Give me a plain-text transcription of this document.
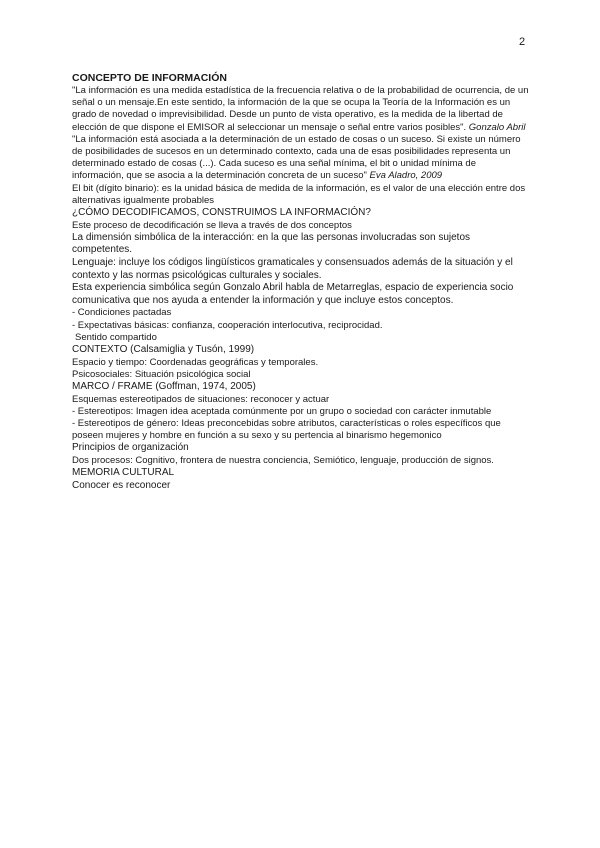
2

CONCEPTO DE INFORMACIÓN

"La información es una medida estadística de la frecuencia relativa o de la probabilidad de ocurrencia, de un señal o un mensaje.En este sentido, la información de la que se ocupa la Teoría de la Información es un grado de novedad o imprevisibilidad. Desde un punto de vista operativo, es la medida de la libertad de elección de que dispone el EMISOR al seleccionar un mensaje o señal entre varios posibles". Gonzalo Abril

"La información está asociada a la determinación de un estado de cosas o un suceso. Si existe un número de posibilidades de sucesos en un determinado contexto, cada una de esas posibilidades representa un determinado estado de cosas (...). Cada suceso es una señal mínima, el bit o unidad mínima de información, que se asocia a la determinación concreta de un suceso" Eva Aladro, 2009

El bit (dígito binario): es la unidad básica de medida de la información, es el valor de una elección entre dos alternativas igualmente probables

¿CÓMO DECODIFICAMOS, CONSTRUIMOS LA INFORMACIÓN?

Este proceso de decodificación se lleva a través de dos conceptos

La dimensión simbólica de la interacción: en la que las personas involucradas son sujetos competentes.

Lenguaje: incluye los códigos lingüísticos gramaticales y consensuados además de la situación y el contexto y las normas psicológicas culturales y sociales.

Esta experiencia simbólica según Gonzalo Abril habla de Metarreglas, espacio de experiencia socio comunicativa que nos ayuda a entender la información y que incluye estos conceptos.

- Condiciones pactadas

- Expectativas básicas: confianza, cooperación interlocutiva, reciprocidad.

Sentido compartido

CONTEXTO (Calsamiglia y Tusón, 1999)

Espacio y tiempo: Coordenadas geográficas y temporales.

Psicosociales: Situación psicológica social

MARCO / FRAME (Goffman, 1974, 2005)

Esquemas estereotipados de situaciones: reconocer y actuar

- Estereotipos: Imagen idea aceptada comúnmente por un grupo o sociedad con carácter inmutable

- Estereotipos de género: Ideas preconcebidas sobre atributos, características o roles específicos que poseen mujeres y hombre en función a su sexo y su pertencia al binarismo hegemonico

Principios de organización

Dos procesos: Cognitivo, frontera de nuestra conciencia, Semiótico, lenguaje, producción de signos.

MEMORIA CULTURAL

Conocer es reconocer
